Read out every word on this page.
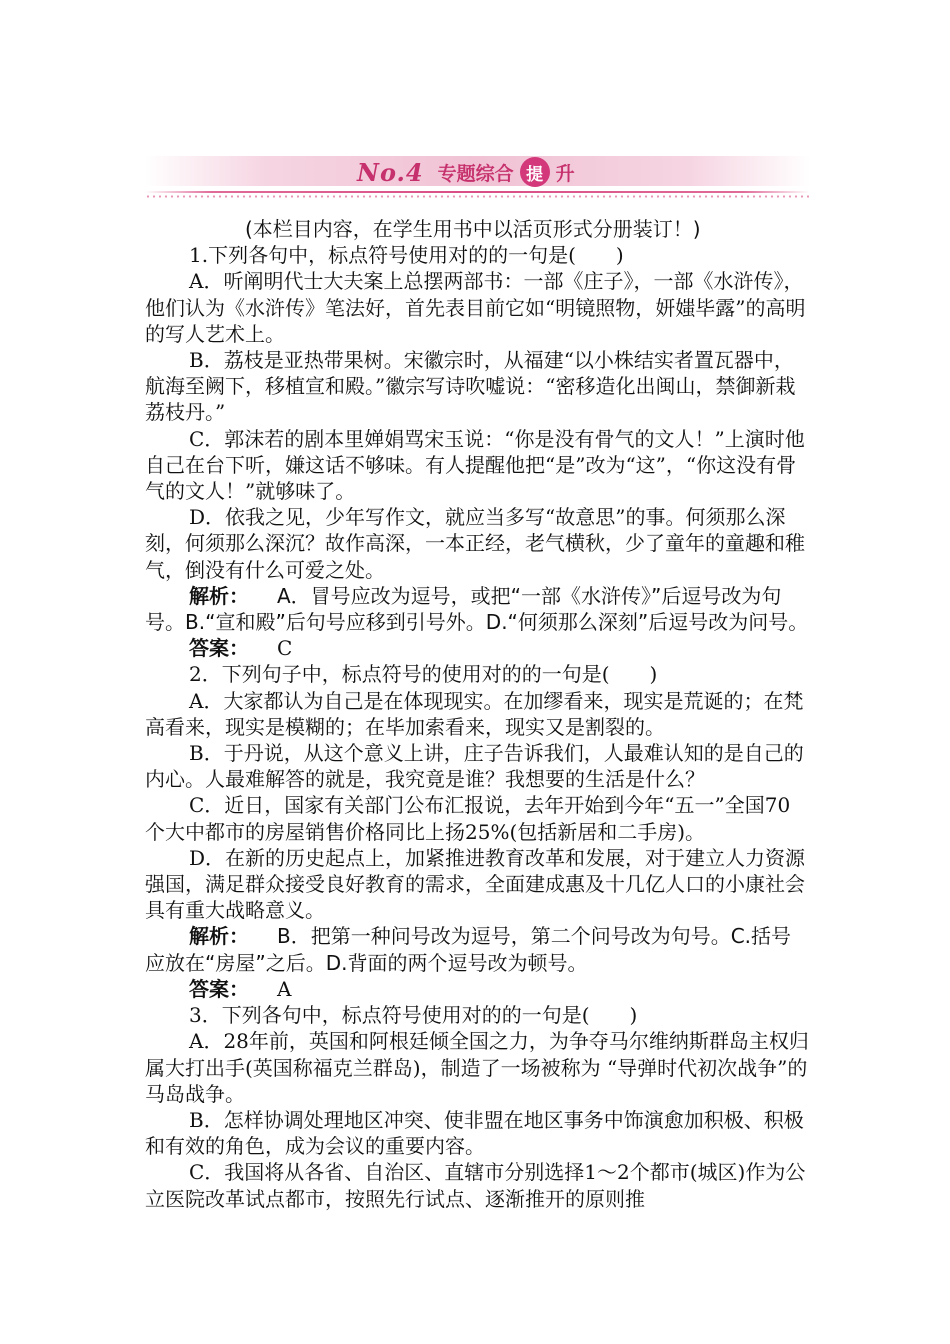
No.4 专题综合 提 升

(本栏目内容，在学生用书中以活页形式分册装订！)

1.下列各句中，标点符号使用对的的一句是(　　)

A．听阐明代士大夫案上总摆两部书：一部《庄子》，一部《水浒传》，他们认为《水浒传》笔法好，首先表目前它如“明镜照物，妍媸毕露”的高明的写人艺术上。

B．荔枝是亚热带果树。宋徽宗时，从福建“以小株结实者置瓦器中，航海至阙下，移植宣和殿。”徽宗写诗吹嘘说：“密移造化出闽山，禁御新栽荔枝丹。”

C．郭沫若的剧本里婵娟骂宋玉说：“你是没有骨气的文人！”上演时他自己在台下听，嫌这话不够味。有人提醒他把“是”改为“这”，“你这没有骨气的文人！”就够味了。

D．依我之见，少年写作文，就应当多写“故意思”的事。何须那么深刻，何须那么深沉？故作高深，一本正经，老气横秋，少了童年的童趣和稚气，倒没有什么可爱之处。

解析： A．冒号应改为逗号，或把“一部《水浒传》”后逗号改为句号。B.“宣和殿”后句号应移到引号外。D.“何须那么深刻”后逗号改为问号。

答案： C

2．下列句子中，标点符号的使用对的的一句是(　　)

A．大家都认为自己是在体现现实。在加缪看来，现实是荒诞的；在梵高看来，现实是模糊的；在毕加索看来，现实又是割裂的。

B．于丹说，从这个意义上讲，庄子告诉我们，人最难认知的是自己的内心。人最难解答的就是，我究竟是谁？我想要的生活是什么？

C．近日，国家有关部门公布汇报说，去年开始到今年“五一”全国70个大中都市的房屋销售价格同比上扬25%(包括新居和二手房)。

D．在新的历史起点上，加紧推进教育改革和发展，对于建立人力资源强国，满足群众接受良好教育的需求，全面建成惠及十几亿人口的小康社会具有重大战略意义。

解析： B．把第一种问号改为逗号，第二个问号改为句号。C.括号应放在“房屋”之后。D.背面的两个逗号改为顿号。

答案： A

3．下列各句中，标点符号使用对的的一句是(　　)

A．28年前，英国和阿根廷倾全国之力，为争夺马尔维纳斯群岛主权归属大打出手(英国称福克兰群岛)，制造了一场被称为 “导弹时代初次战争”的马岛战争。

B．怎样协调处理地区冲突、使非盟在地区事务中饰演愈加积极、积极和有效的角色，成为会议的重要内容。

C．我国将从各省、自治区、直辖市分别选择1～2个都市(城区)作为公立医院改革试点都市，按照先行试点、逐渐推开的原则推
